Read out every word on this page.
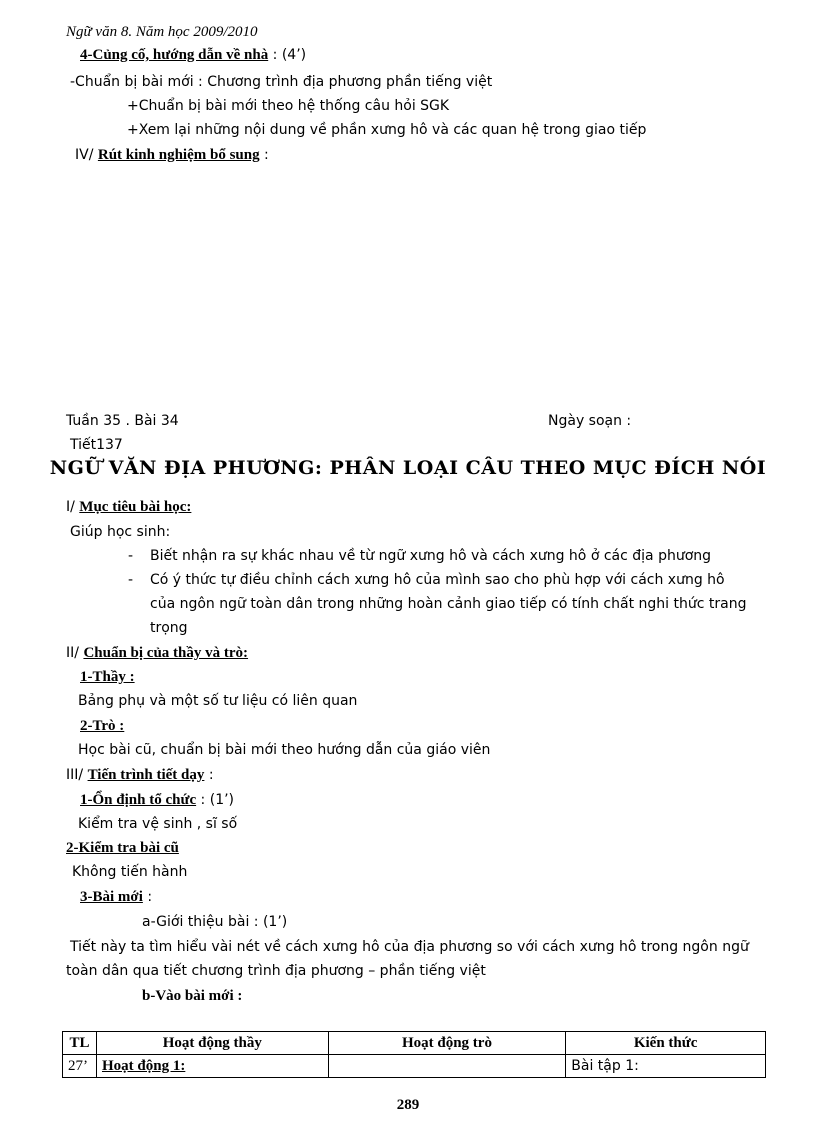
Ngữ văn 8. Năm học 2009/2010
4-Củng cố, hướng dẫn về nhà : (4’)
-Chuẩn bị bài mới : Chương trình địa phương phần tiếng việt
+Chuẩn bị bài mới theo hệ thống câu hỏi SGK
+Xem lại những nội dung về phần xưng hô và các quan hệ trong giao tiếp
IV/ Rút kinh nghiệm bổ sung :
Tuần 35 . Bài 34	Ngày soạn :
Tiết137
NGỮ VĂN ĐỊA PHƯƠNG: PHÂN LOẠI CÂU THEO MỤC ĐÍCH NÓI
I/ Mục tiêu bài học:
Giúp học sinh:
- Biết nhận ra sự khác nhau về từ ngữ xưng hô và cách xưng hô ở các địa phương
- Có ý thức tự điều chỉnh cách xưng hô của mình sao cho phù hợp với cách xưng hô
của ngôn ngữ toàn dân trong những hoàn cảnh giao tiếp có tính chất nghi thức trang
trọng
II/ Chuẩn bị của thầy và trò:
1-Thầy :
Bảng phụ và một số tư liệu có liên quan
2-Trò :
Học bài cũ, chuẩn bị bài mới theo hướng dẫn của giáo viên
III/ Tiến trình tiết dạy :
1-Ổn định tổ chức : (1’)
Kiểm tra vệ sinh , sĩ số
2-Kiểm tra bài cũ
Không tiến hành
3-Bài mới :
a-Giới thiệu bài : (1’)
Tiết này ta tìm hiểu vài nét về cách xưng hô của địa phương so với cách xưng hô trong ngôn ngữ
toàn dân qua tiết chương trình địa phương – phần tiếng việt
b-Vào bài mới :
TL	Hoạt động thầy	Hoạt động trò	Kiến thức
27’	Hoạt động 1:		Bài tập 1:
289
